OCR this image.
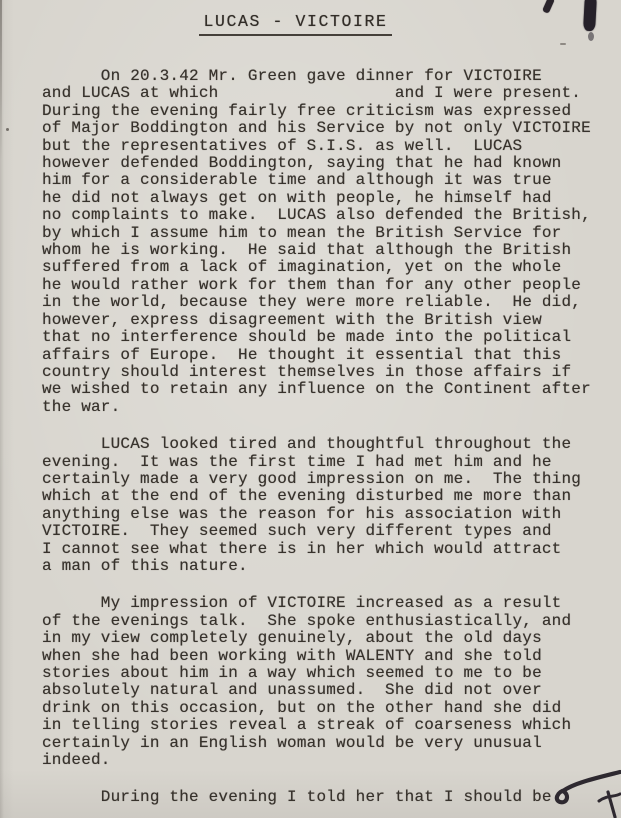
LUCAS - VICTOIRE
On 20.3.42 Mr. Green gave dinner for VICTOIRE
and LUCAS at which                  and I were present.
During the evening fairly free criticism was expressed
of Major Boddington and his Service by not only VICTOIRE
but the representatives of S.I.S. as well.  LUCAS
however defended Boddington, saying that he had known
him for a considerable time and although it was true
he did not always get on with people, he himself had
no complaints to make.  LUCAS also defended the British,
by which I assume him to mean the British Service for
whom he is working.  He said that although the British
suffered from a lack of imagination, yet on the whole
he would rather work for them than for any other people
in the world, because they were more reliable.  He did,
however, express disagreement with the British view
that no interference should be made into the political
affairs of Europe.  He thought it essential that this
country should interest themselves in those affairs if
we wished to retain any influence on the Continent after
the war.
LUCAS looked tired and thoughtful throughout the
evening.  It was the first time I had met him and he
certainly made a very good impression on me.  The thing
which at the end of the evening disturbed me more than
anything else was the reason for his association with
VICTOIRE.  They seemed such very different types and
I cannot see what there is in her which would attract
a man of this nature.
My impression of VICTOIRE increased as a result
of the evenings talk.  She spoke enthusiastically, and
in my view completely genuinely, about the old days
when she had been working with WALENTY and she told
stories about him in a way which seemed to me to be
absolutely natural and unassumed.  She did not over
drink on this occasion, but on the other hand she did
in telling stories reveal a streak of coarseness which
certainly in an English woman would be very unusual
indeed.
During the evening I told her that I should be
